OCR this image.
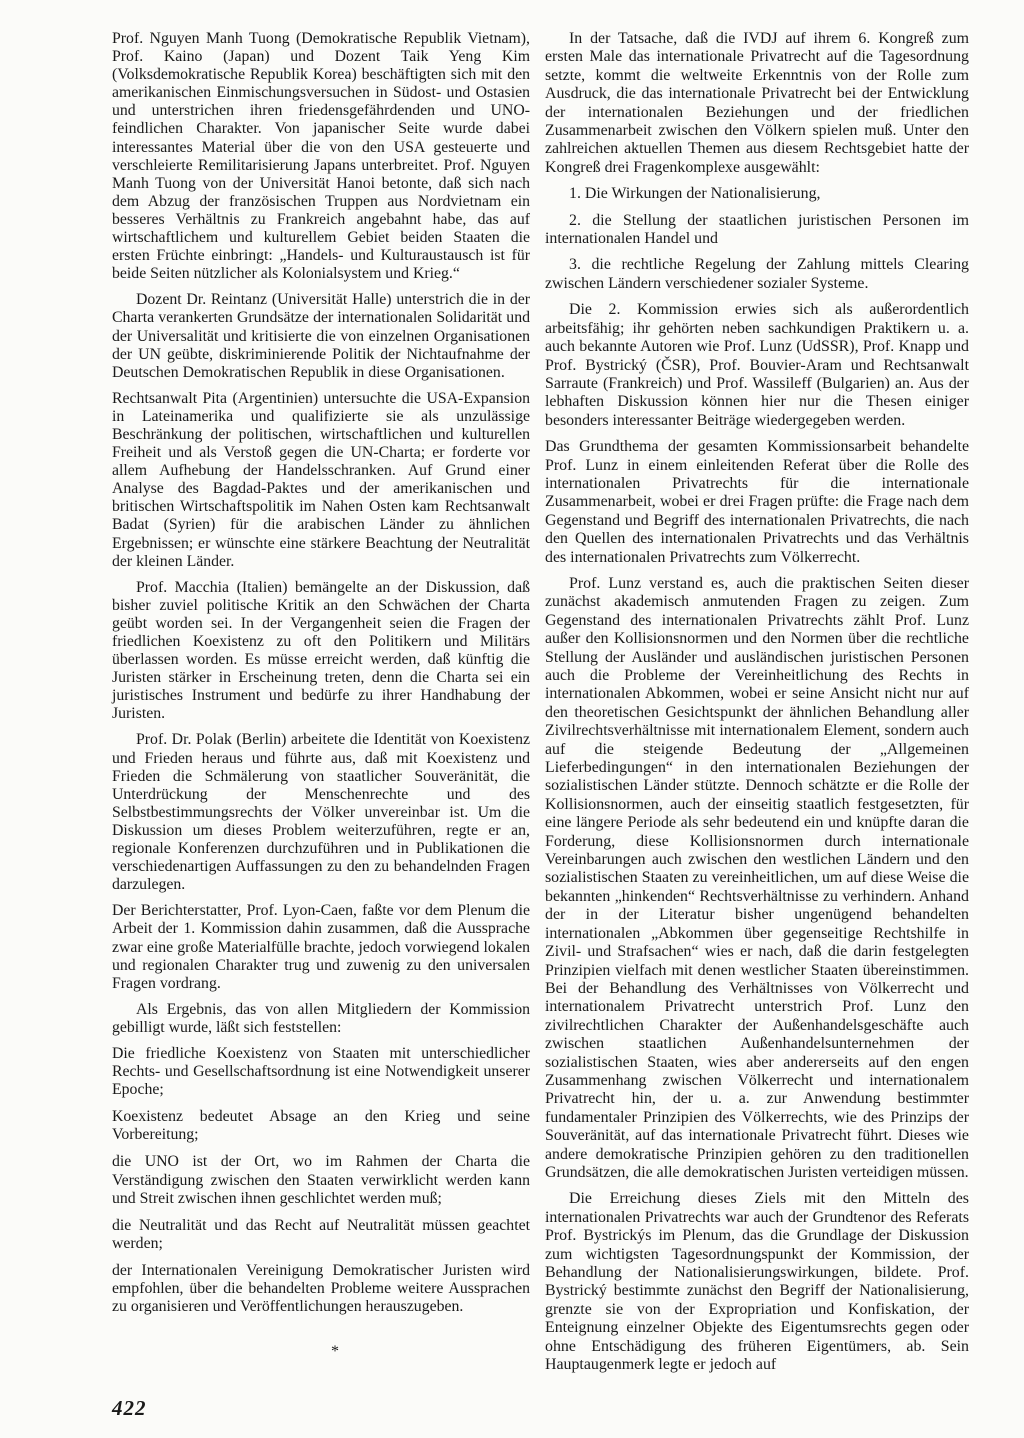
Prof. Nguyen Manh Tuong (Demokratische Republik Vietnam), Prof. Kaino (Japan) und Dozent Taik Yeng Kim (Volksdemokratische Republik Korea) beschäftigten sich mit den amerikanischen Einmischungsversuchen in Südost- und Ostasien und unterstrichen ihren friedensgefährdenden und UNO-feindlichen Charakter. Von japanischer Seite wurde dabei interessantes Material über die von den USA gesteuerte und verschleierte Remilitarisierung Japans unterbreitet. Prof. Nguyen Manh Tuong von der Universität Hanoi betonte, daß sich nach dem Abzug der französischen Truppen aus Nordvietnam ein besseres Verhältnis zu Frankreich angebahnt habe, das auf wirtschaftlichem und kulturellem Gebiet beiden Staaten die ersten Früchte einbringt: „Handels- und Kulturaustausch ist für beide Seiten nützlicher als Kolonialsystem und Krieg.“

Dozent Dr. Reintanz (Universität Halle) unterstrich die in der Charta verankerten Grundsätze der internationalen Solidarität und der Universalität und kritisierte die von einzelnen Organisationen der UN geübte, diskriminierende Politik der Nichtaufnahme der Deutschen Demokratischen Republik in diese Organisationen.

Rechtsanwalt Pita (Argentinien) untersuchte die USA-Expansion in Lateinamerika und qualifizierte sie als unzulässige Beschränkung der politischen, wirtschaftlichen und kulturellen Freiheit und als Verstoß gegen die UN-Charta; er forderte vor allem Aufhebung der Handelsschranken. Auf Grund einer Analyse des Bagdad-Paktes und der amerikanischen und britischen Wirtschaftspolitik im Nahen Osten kam Rechtsanwalt Badat (Syrien) für die arabischen Länder zu ähnlichen Ergebnissen; er wünschte eine stärkere Beachtung der Neutralität der kleinen Länder.

Prof. Macchia (Italien) bemängelte an der Diskussion, daß bisher zuviel politische Kritik an den Schwächen der Charta geübt worden sei. In der Vergangenheit seien die Fragen der friedlichen Koexistenz zu oft den Politikern und Militärs überlassen worden. Es müsse erreicht werden, daß künftig die Juristen stärker in Erscheinung treten, denn die Charta sei ein juristisches Instrument und bedürfe zu ihrer Handhabung der Juristen.

Prof. Dr. Polak (Berlin) arbeitete die Identität von Koexistenz und Frieden heraus und führte aus, daß mit Koexistenz und Frieden die Schmälerung von staatlicher Souveränität, die Unterdrückung der Menschenrechte und des Selbstbestimmungsrechts der Völker unvereinbar ist. Um die Diskussion um dieses Problem weiterzuführen, regte er an, regionale Konferenzen durchzuführen und in Publikationen die verschiedenartigen Auffassungen zu den zu behandelnden Fragen darzulegen.

Der Berichterstatter, Prof. Lyon-Caen, faßte vor dem Plenum die Arbeit der 1. Kommission dahin zusammen, daß die Aussprache zwar eine große Materialfülle brachte, jedoch vorwiegend lokalen und regionalen Charakter trug und zuwenig zu den universalen Fragen vordrang.

Als Ergebnis, das von allen Mitgliedern der Kommission gebilligt wurde, läßt sich feststellen:

Die friedliche Koexistenz von Staaten mit unterschiedlicher Rechts- und Gesellschaftsordnung ist eine Notwendigkeit unserer Epoche;

Koexistenz bedeutet Absage an den Krieg und seine Vorbereitung;

die UNO ist der Ort, wo im Rahmen der Charta die Verständigung zwischen den Staaten verwirklicht werden kann und Streit zwischen ihnen geschlichtet werden muß;

die Neutralität und das Recht auf Neutralität müssen geachtet werden;

der Internationalen Vereinigung Demokratischer Juristen wird empfohlen, über die behandelten Probleme weitere Aussprachen zu organisieren und Veröffentlichungen herauszugeben.

*

In der Tatsache, daß die IVDJ auf ihrem 6. Kongreß zum ersten Male das internationale Privatrecht auf die Tagesordnung setzte, kommt die weltweite Erkenntnis von der Rolle zum Ausdruck, die das internationale Privatrecht bei der Entwicklung der internationalen Beziehungen und der friedlichen Zusammenarbeit zwischen den Völkern spielen muß. Unter den zahlreichen aktuellen Themen aus diesem Rechtsgebiet hatte der Kongreß drei Fragenkomplexe ausgewählt:

1. Die Wirkungen der Nationalisierung,

2. die Stellung der staatlichen juristischen Personen im internationalen Handel und

3. die rechtliche Regelung der Zahlung mittels Clearing zwischen Ländern verschiedener sozialer Systeme.

Die 2. Kommission erwies sich als außerordentlich arbeitsfähig; ihr gehörten neben sachkundigen Praktikern u. a. auch bekannte Autoren wie Prof. Lunz (UdSSR), Prof. Knapp und Prof. Bystrický (ČSR), Prof. Bouvier-Aram und Rechtsanwalt Sarraute (Frankreich) und Prof. Wassileff (Bulgarien) an. Aus der lebhaften Diskussion können hier nur die Thesen einiger besonders interessanter Beiträge wiedergegeben werden.

Das Grundthema der gesamten Kommissionsarbeit behandelte Prof. Lunz in einem einleitenden Referat über die Rolle des internationalen Privatrechts für die internationale Zusammenarbeit, wobei er drei Fragen prüfte: die Frage nach dem Gegenstand und Begriff des internationalen Privatrechts, die nach den Quellen des internationalen Privatrechts und das Verhältnis des internationalen Privatrechts zum Völkerrecht.

Prof. Lunz verstand es, auch die praktischen Seiten dieser zunächst akademisch anmutenden Fragen zu zeigen. Zum Gegenstand des internationalen Privatrechts zählt Prof. Lunz außer den Kollisionsnormen und den Normen über die rechtliche Stellung der Ausländer und ausländischen juristischen Personen auch die Probleme der Vereinheitlichung des Rechts in internationalen Abkommen, wobei er seine Ansicht nicht nur auf den theoretischen Gesichtspunkt der ähnlichen Behandlung aller Zivilrechtsverhältnisse mit internationalem Element, sondern auch auf die steigende Bedeutung der „Allgemeinen Lieferbedingungen“ in den internationalen Beziehungen der sozialistischen Länder stützte. Dennoch schätzte er die Rolle der Kollisionsnormen, auch der einseitig staatlich festgesetzten, für eine längere Periode als sehr bedeutend ein und knüpfte daran die Forderung, diese Kollisionsnormen durch internationale Vereinbarungen auch zwischen den westlichen Ländern und den sozialistischen Staaten zu vereinheitlichen, um auf diese Weise die bekannten „hinkenden“ Rechtsverhältnisse zu verhindern. Anhand der in der Literatur bisher ungenügend behandelten internationalen „Abkommen über gegenseitige Rechtshilfe in Zivil- und Strafsachen“ wies er nach, daß die darin festgelegten Prinzipien vielfach mit denen westlicher Staaten übereinstimmen. Bei der Behandlung des Verhältnisses von Völkerrecht und internationalem Privatrecht unterstrich Prof. Lunz den zivilrechtlichen Charakter der Außenhandelsgeschäfte auch zwischen staatlichen Außenhandelsunternehmen der sozialistischen Staaten, wies aber andererseits auf den engen Zusammenhang zwischen Völkerrecht und internationalem Privatrecht hin, der u. a. zur Anwendung bestimmter fundamentaler Prinzipien des Völkerrechts, wie des Prinzips der Souveränität, auf das internationale Privatrecht führt. Dieses wie andere demokratische Prinzipien gehören zu den traditionellen Grundsätzen, die alle demokratischen Juristen verteidigen müssen.

Die Erreichung dieses Ziels mit den Mitteln des internationalen Privatrechts war auch der Grundtenor des Referats Prof. Bystrickýs im Plenum, das die Grundlage der Diskussion zum wichtigsten Tagesordnungspunkt der Kommission, der Behandlung der Nationalisierungswirkungen, bildete. Prof. Bystrický bestimmte zunächst den Begriff der Nationalisierung, grenzte sie von der Expropriation und Konfiskation, der Enteignung einzelner Objekte des Eigentumsrechts gegen oder ohne Entschädigung des früheren Eigentümers, ab. Sein Hauptaugenmerk legte er jedoch auf

422
